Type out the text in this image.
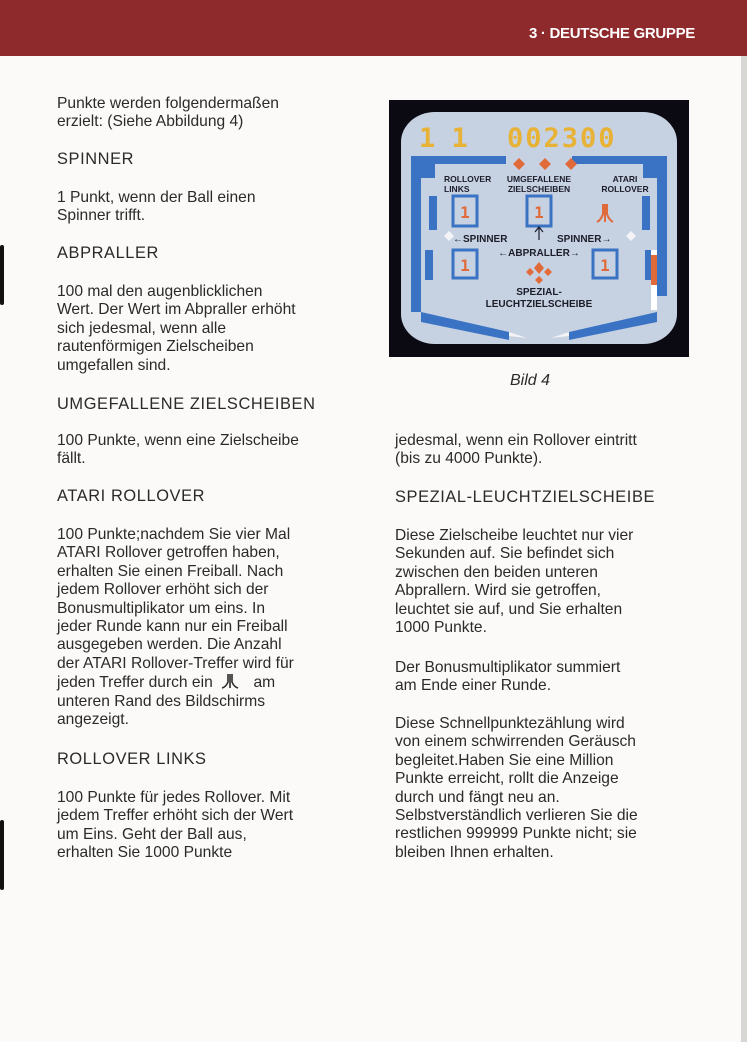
3 · DEUTSCHE GRUPPE
Punkte werden folgendermaßen
erzielt: (Siehe Abbildung 4)
SPINNER
1 Punkt, wenn der Ball einen
Spinner trifft.
ABPRALLER
100 mal den augenblicklichen
Wert. Der Wert im Abpraller erhöht
sich jedesmal, wenn alle
rautenförmigen Zielscheiben
umgefallen sind.
UMGEFALLENE ZIELSCHEIBEN
100 Punkte, wenn eine Zielscheibe
fällt.
ATARI ROLLOVER
100 Punkte;nachdem Sie vier Mal
ATARI Rollover getroffen haben,
erhalten Sie einen Freiball. Nach
jedem Rollover erhöht sich der
Bonusmultiplikator um eins. In
jeder Runde kann nur ein Freiball
ausgegeben werden. Die Anzahl
der ATARI Rollover-Treffer wird für
jeden Treffer durch ein	am
unteren Rand des Bildschirms
angezeigt.
ROLLOVER LINKS
100 Punkte für jedes Rollover. Mit
jedem Treffer erhöht sich der Wert
um Eins. Geht der Ball aus,
erhalten Sie 1000 Punkte
1 1 002300
ROLLOVER
LINKS
UMGEFALLENE
ZIELSCHEIBEN
ATARI
ROLLOVER
←SPINNER	SPINNER→
←ABPRALLER→
SPEZIAL-
LEUCHTZIELSCHEIBE
1	1
1	1
Bild 4
jedesmal, wenn ein Rollover eintritt
(bis zu 4000 Punkte).
SPEZIAL-LEUCHTZIELSCHEIBE
Diese Zielscheibe leuchtet nur vier
Sekunden auf. Sie befindet sich
zwischen den beiden unteren
Abprallern. Wird sie getroffen,
leuchtet sie auf, und Sie erhalten
1000 Punkte.
Der Bonusmultiplikator summiert
am Ende einer Runde.
Diese Schnellpunktezählung wird
von einem schwirrenden Geräusch
begleitet.Haben Sie eine Million
Punkte erreicht, rollt die Anzeige
durch und fängt neu an.
Selbstverständlich verlieren Sie die
restlichen 999999 Punkte nicht; sie
bleiben Ihnen erhalten.
